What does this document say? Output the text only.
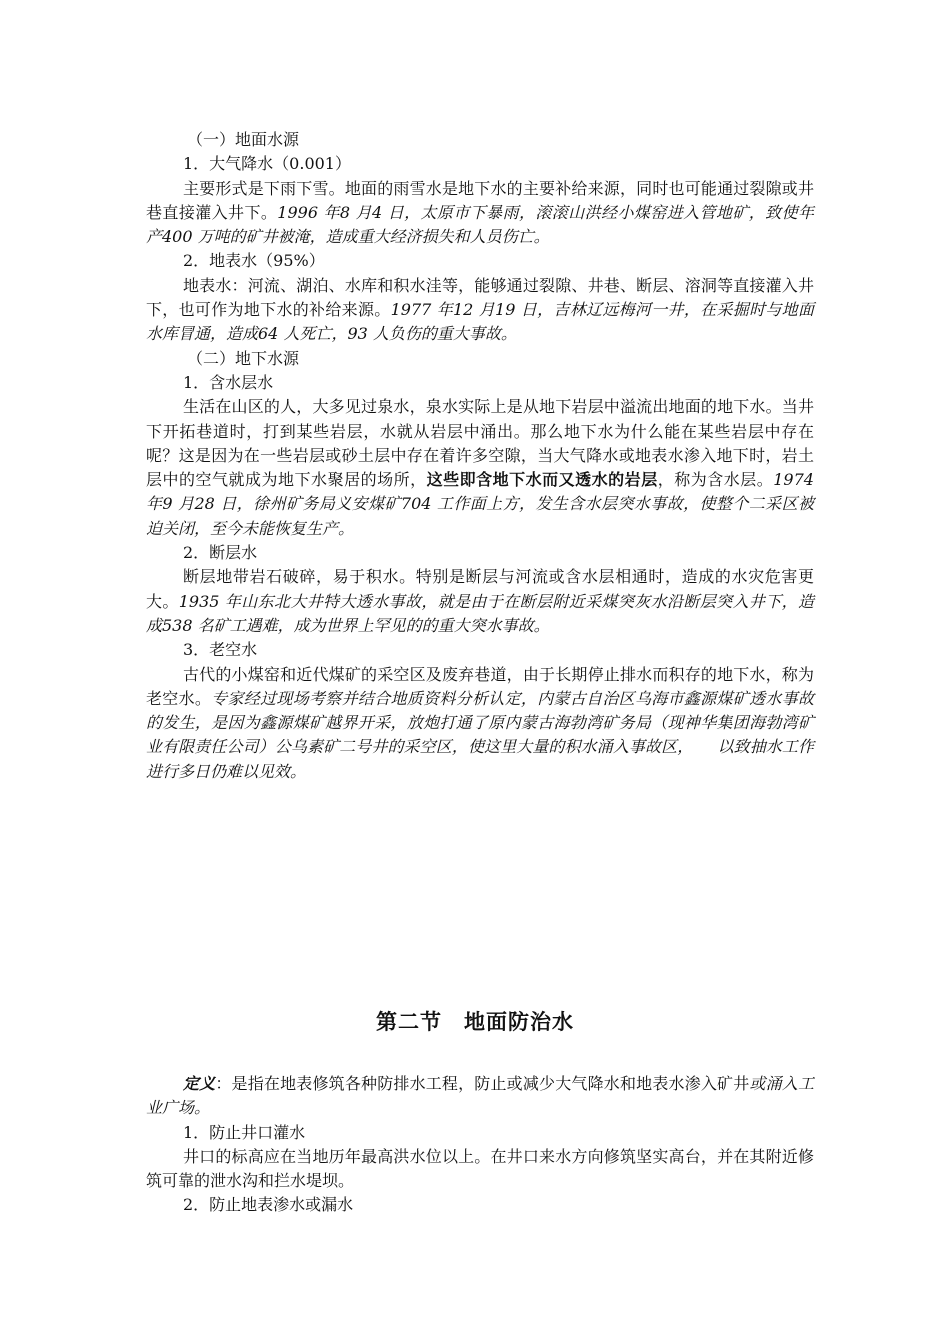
（一）地面水源

1．大气降水（0.001）

主要形式是下雨下雪。地面的雨雪水是地下水的主要补给来源，同时也可能通过裂隙或井巷直接灌入井下。1996 年8 月4 日，太原市下暴雨，滚滚山洪经小煤窑进入管地矿，致使年产400 万吨的矿井被淹，造成重大经济损失和人员伤亡。

2．地表水（95%）

地表水：河流、湖泊、水库和积水洼等，能够通过裂隙、井巷、断层、溶洞等直接灌入井下，也可作为地下水的补给来源。1977 年12 月19 日，吉林辽远梅河一井，在采掘时与地面水库冒通，造成64 人死亡，93 人负伤的重大事故。

（二）地下水源

1．含水层水

生活在山区的人，大多见过泉水，泉水实际上是从地下岩层中溢流出地面的地下水。当井下开拓巷道时，打到某些岩层，水就从岩层中涌出。那么地下水为什么能在某些岩层中存在呢？这是因为在一些岩层或砂土层中存在着许多空隙，当大气降水或地表水渗入地下时，岩土层中的空气就成为地下水聚居的场所，这些即含地下水而又透水的岩层，称为含水层。1974 年9 月28 日，徐州矿务局义安煤矿704 工作面上方，发生含水层突水事故，使整个二采区被迫关闭，至今未能恢复生产。

2．断层水

断层地带岩石破碎，易于积水。特别是断层与河流或含水层相通时，造成的水灾危害更大。1935 年山东北大井特大透水事故，就是由于在断层附近采煤突灰水沿断层突入井下，造成538 名矿工遇难，成为世界上罕见的的重大突水事故。

3．老空水

古代的小煤窑和近代煤矿的采空区及废弃巷道，由于长期停止排水而积存的地下水，称为老空水。专家经过现场考察并结合地质资料分析认定，内蒙古自治区乌海市鑫源煤矿透水事故的发生，是因为鑫源煤矿越界开采，放炮打通了原内蒙古海勃湾矿务局（现神华集团海勃湾矿业有限责任公司）公乌素矿二号井的采空区，使这里大量的积水涌入事故区，　　以致抽水工作进行多日仍难以见效。

第二节　地面防治水

定义：是指在地表修筑各种防排水工程，防止或减少大气降水和地表水渗入矿井或涌入工业广场。

1．防止井口灌水

井口的标高应在当地历年最高洪水位以上。在井口来水方向修筑坚实高台，并在其附近修筑可靠的泄水沟和拦水堤坝。

2．防止地表渗水或漏水
